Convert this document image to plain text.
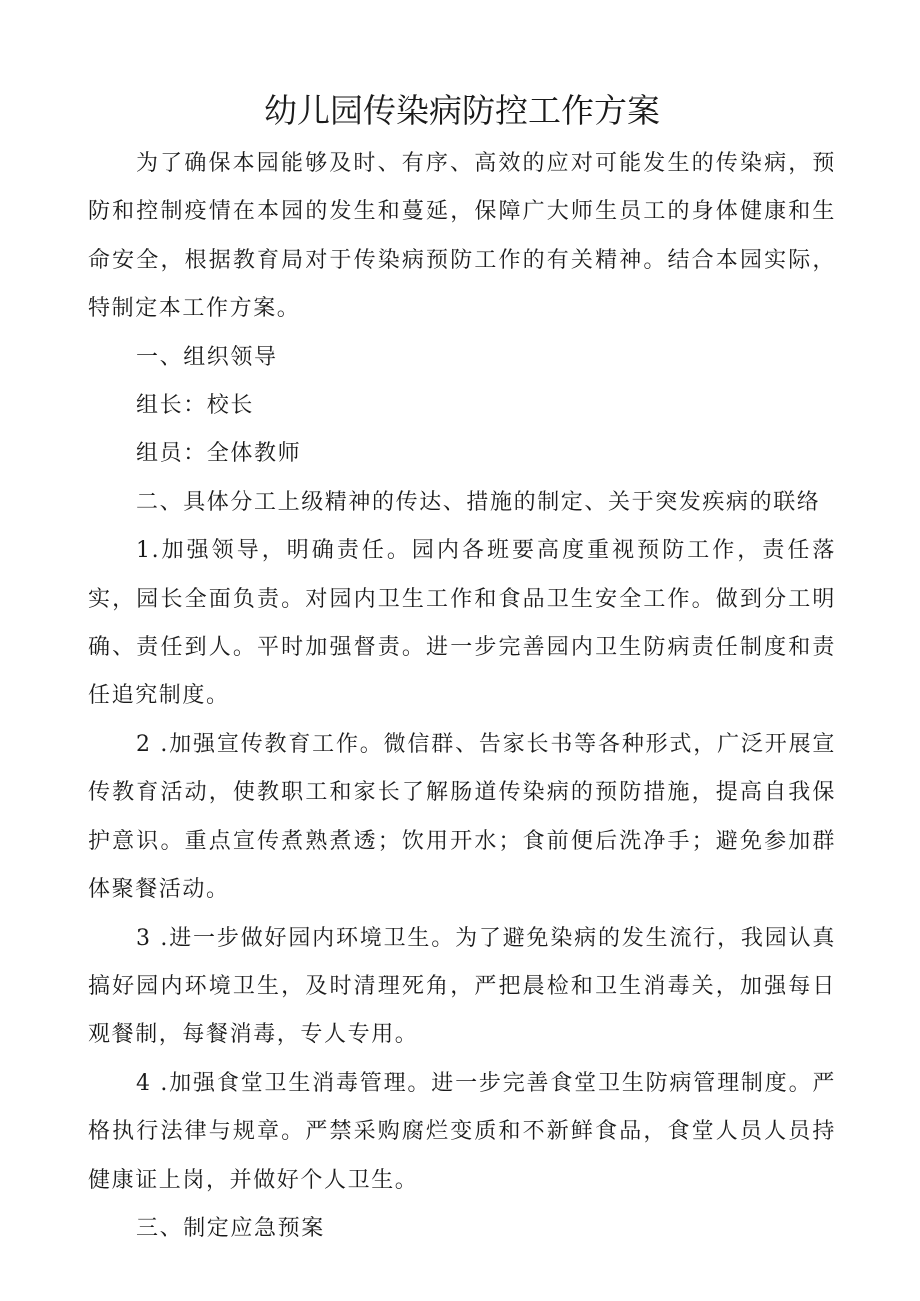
幼儿园传染病防控工作方案

为了确保本园能够及时、有序、高效的应对可能发生的传染病，预防和控制疫情在本园的发生和蔓延，保障广大师生员工的身体健康和生命安全，根据教育局对于传染病预防工作的有关精神。结合本园实际，特制定本工作方案。

一、组织领导

组长：校长

组员：全体教师

二、具体分工上级精神的传达、措施的制定、关于突发疾病的联络

1.加强领导，明确责任。园内各班要高度重视预防工作，责任落实，园长全面负责。对园内卫生工作和食品卫生安全工作。做到分工明确、责任到人。平时加强督责。进一步完善园内卫生防病责任制度和责任追究制度。

2 .加强宣传教育工作。微信群、告家长书等各种形式，广泛开展宣传教育活动，使教职工和家长了解肠道传染病的预防措施，提高自我保护意识。重点宣传煮熟煮透；饮用开水；食前便后洗净手；避免参加群体聚餐活动。

3 .进一步做好园内环境卫生。为了避免染病的发生流行，我园认真搞好园内环境卫生，及时清理死角，严把晨检和卫生消毒关，加强每日观餐制，每餐消毒，专人专用。

4 .加强食堂卫生消毒管理。进一步完善食堂卫生防病管理制度。严格执行法律与规章。严禁采购腐烂变质和不新鲜食品，食堂人员人员持健康证上岗，并做好个人卫生。

三、制定应急预案
